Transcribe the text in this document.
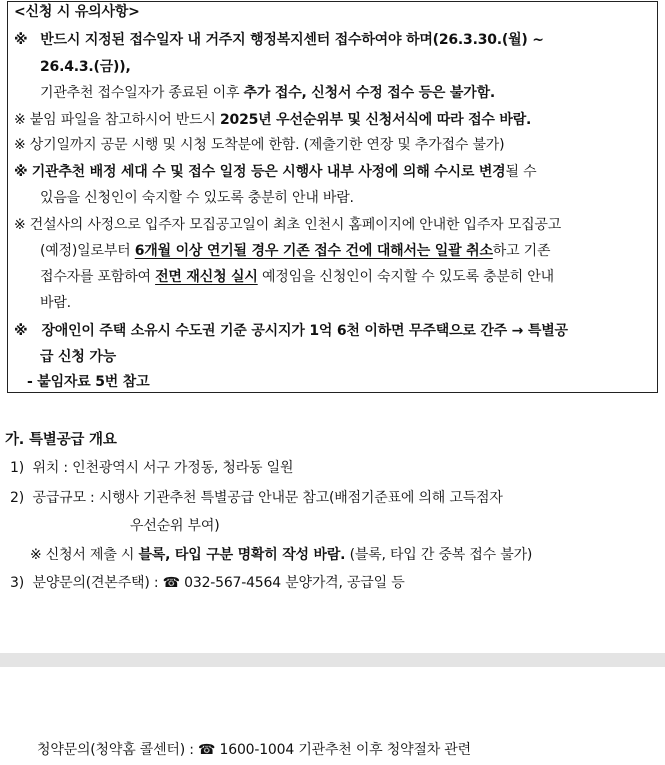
<신청 시 유의사항>
※ 반드시 지정된 접수일자 내 거주지 행정복지센터 접수하여야 하며(26.3.30.(월) ~
26.4.3.(금)),
기관추천 접수일자가 종료된 이후 추가 접수, 신청서 수정 접수 등은 불가함.
※ 붙임 파일을 참고하시어 반드시 2025년 우선순위부 및 신청서식에 따라 접수 바람.
※ 상기일까지 공문 시행 및 시청 도착분에 한함. (제출기한 연장 및 추가접수 불가)
※ 기관추천 배정 세대 수 및 접수 일정 등은 시행사 내부 사정에 의해 수시로 변경될 수
있음을 신청인이 숙지할 수 있도록 충분히 안내 바람.
※ 건설사의 사정으로 입주자 모집공고일이 최초 인천시 홈페이지에 안내한 입주자 모집공고
(예정)일로부터 6개월 이상 연기될 경우 기존 접수 건에 대해서는 일괄 취소하고 기존
접수자를 포함하여 전면 재신청 실시 예정임을 신청인이 숙지할 수 있도록 충분히 안내
바람.
※ 장애인이 주택 소유시 수도권 기준 공시지가 1억 6천 이하면 무주택으로 간주 → 특별공
급 신청 가능
- 붙임자료 5번 참고
가. 특별공급 개요
1) 위치 : 인천광역시 서구 가정동, 청라동 일원
2) 공급규모 : 시행사 기관추천 특별공급 안내문 참고(배점기준표에 의해 고득점자
우선순위 부여)
※ 신청서 제출 시 블록, 타입 구분 명확히 작성 바람. (블록, 타입 간 중복 접수 불가)
3) 분양문의(견본주택) : ☎ 032-567-4564 분양가격, 공급일 등
청약문의(청약홈 콜센터) : ☎ 1600-1004 기관추천 이후 청약절차 관련
